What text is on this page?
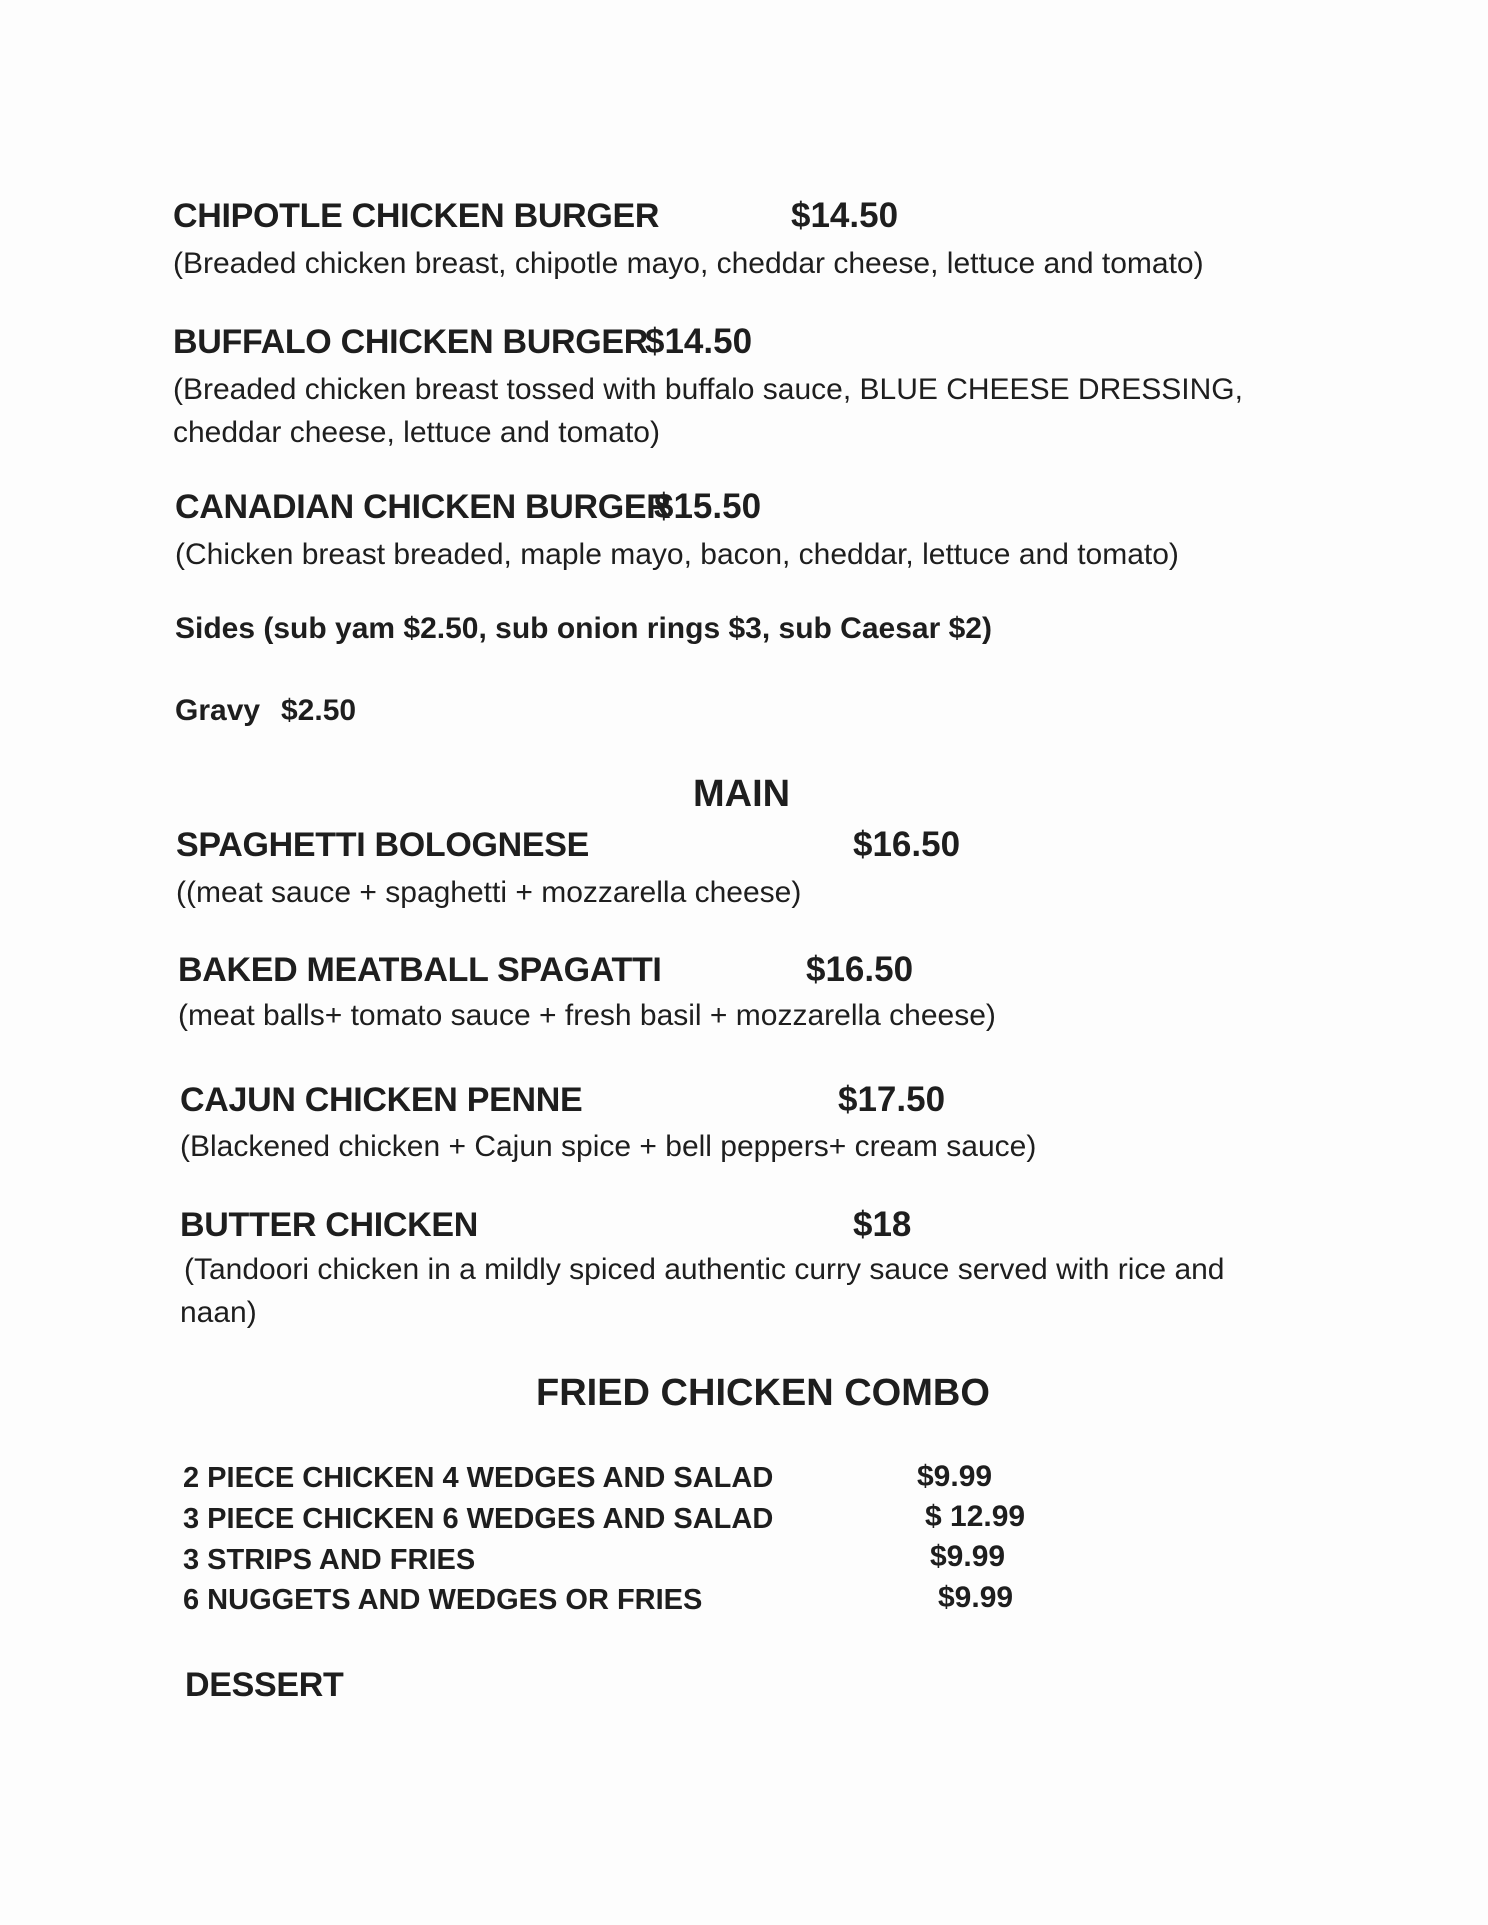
CHIPOTLE CHICKEN BURGER	$14.50
(Breaded chicken breast, chipotle mayo, cheddar cheese, lettuce and tomato)
BUFFALO CHICKEN BURGER
$14.50
(Breaded chicken breast tossed with buffalo sauce, BLUE CHEESE DRESSING,
cheddar cheese, lettuce and tomato)
CANADIAN CHICKEN BURGER
$15.50
(Chicken breast breaded, maple mayo, bacon, cheddar, lettuce and tomato)
Sides (sub yam $2.50, sub onion rings $3, sub Caesar $2)
Gravy $2.50
MAIN
SPAGHETTI BOLOGNESE	$16.50
((meat sauce + spaghetti + mozzarella cheese)
BAKED MEATBALL SPAGATTI	$16.50
(meat balls+ tomato sauce + fresh basil + mozzarella cheese)
CAJUN CHICKEN PENNE	$17.50
(Blackened chicken + Cajun spice + bell peppers+ cream sauce)
BUTTER CHICKEN	$18
(Tandoori chicken in a mildly spiced authentic curry sauce served with rice and
naan)
FRIED CHICKEN COMBO
2 PIECE CHICKEN 4 WEDGES AND SALAD	$9.99
3 PIECE CHICKEN 6 WEDGES AND SALAD	$ 12.99
3 STRIPS AND FRIES	$9.99
6 NUGGETS AND WEDGES OR FRIES	$9.99
DESSERT
